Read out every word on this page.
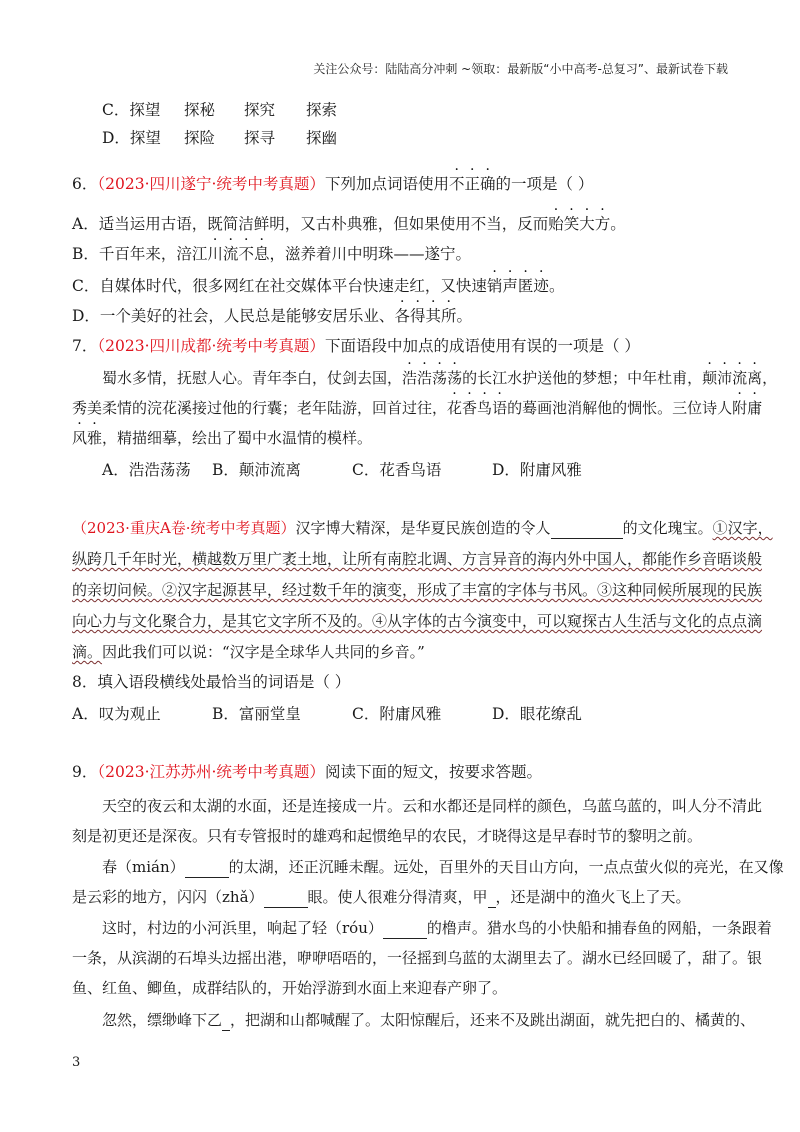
关注公众号：陆陆高分冲刺 ~领取：最新版“小中高考-总复习”、最新试卷下载
C．探望 探秘 探究 探索
D．探望 探险 探寻 探幽
6．（2023·四川遂宁·统考中考真题）下列加点词语使用不正确的一项是（ ）
A．适当运用古语，既简洁鲜明，又古朴典雅，但如果使用不当，反而贻笑大方。
B．千百年来，涪江川流不息，滋养着川中明珠——遂宁。
C．自媒体时代，很多网红在社交媒体平台快速走红，又快速销声匿迹。
D．一个美好的社会，人民总是能够安居乐业、各得其所。
7．（2023·四川成都·统考中考真题）下面语段中加点的成语使用有误的一项是（ ）
蜀水多情，抚慰人心。青年李白，仗剑去国，浩浩荡荡的长江水护送他的梦想；中年杜甫，颠沛流离，
秀美柔情的浣花溪接过他的行囊；老年陆游，回首过往，花香鸟语的蓦画池消解他的惆怅。三位诗人附庸
风雅，精描细摹，绘出了蜀中水温情的模样。
A．浩浩荡荡 B．颠沛流离	C．花香鸟语	D．附庸风雅
（2023·重庆A卷·统考中考真题）汉字博大精深，是华夏民族创造的令人	的文化瑰宝。①汉字，
纵跨几千年时光，横越数万里广袤土地，让所有南腔北调、方言异音的海内外中国人，都能作乡音晤谈般
的亲切问候。②汉字起源甚早，经过数千年的演变，形成了丰富的字体与书风。③这种同候所展现的民族
向心力与文化聚合力，是其它文字所不及的。④从字体的古今演变中，可以窥探古人生活与文化的点点滴
滴。因此我们可以说：“汉字是全球华人共同的乡音。”
8．填入语段横线处最恰当的词语是（ ）
A．叹为观止	B．富丽堂皇	C．附庸风雅	D．眼花缭乱
9．（2023·江苏苏州·统考中考真题）阅读下面的短文，按要求答题。
天空的夜云和太湖的水面，还是连接成一片。云和水都还是同样的颜色，乌蓝乌蓝的，叫人分不清此
刻是初更还是深夜。只有专管报时的雄鸡和起惯绝早的农民，才晓得这是早春时节的黎明之前。
春（mián）	的太湖，还正沉睡未醒。远处，百里外的天目山方向，一点点萤火似的亮光，在又像
是云彩的地方，闪闪（zhǎ）	眼。使人很难分得清爽，甲 ，还是湖中的渔火飞上了天。
这时，村边的小河浜里，响起了轻（róu）	的橹声。猎水鸟的小快船和捕春鱼的网船，一条跟着
一条，从滨湖的石埠头边摇出港，咿咿唔唔的，一径摇到乌蓝的太湖里去了。湖水已经回暖了，甜了。银
鱼、红鱼、鲫鱼，成群结队的，开始浮游到水面上来迎春产卵了。
忽然，缥缈峰下乙 ，把湖和山都喊醒了。太阳惊醒后，还来不及跳出湖面，就先把白的、橘黄的、
3
